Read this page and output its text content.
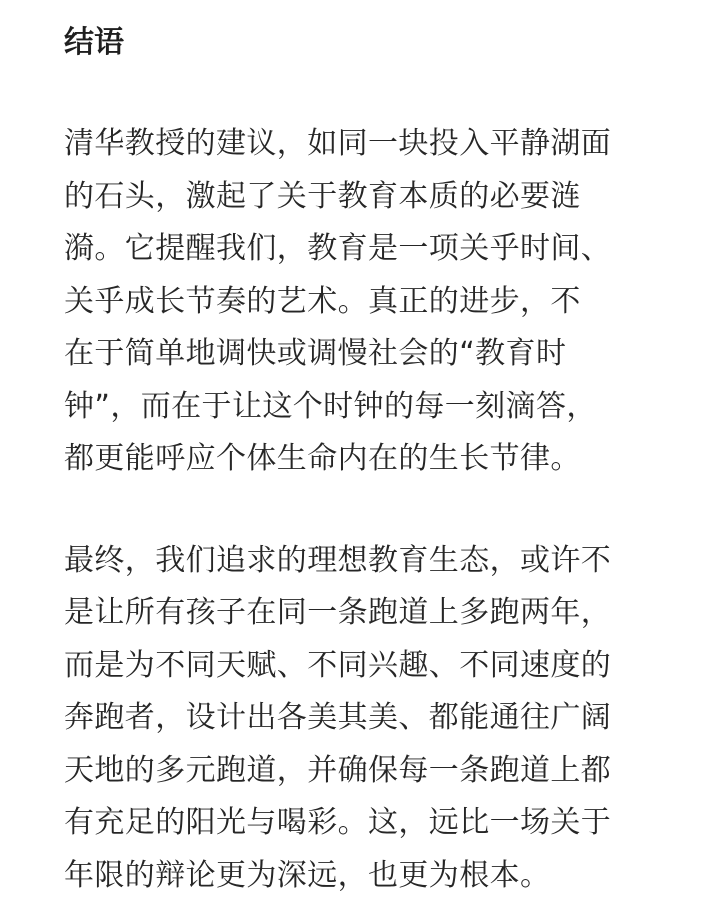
结语

清华教授的建议，如同一块投入平静湖面
的石头，激起了关于教育本质的必要涟
漪。它提醒我们，教育是一项关乎时间、
关乎成长节奏的艺术。真正的进步，不
在于简单地调快或调慢社会的“教育时
钟”，而在于让这个时钟的每一刻滴答，
都更能呼应个体生命内在的生长节律。

最终，我们追求的理想教育生态，或许不
是让所有孩子在同一条跑道上多跑两年，
而是为不同天赋、不同兴趣、不同速度的
奔跑者，设计出各美其美、都能通往广阔
天地的多元跑道，并确保每一条跑道上都
有充足的阳光与喝彩。这，远比一场关于
年限的辩论更为深远，也更为根本。
